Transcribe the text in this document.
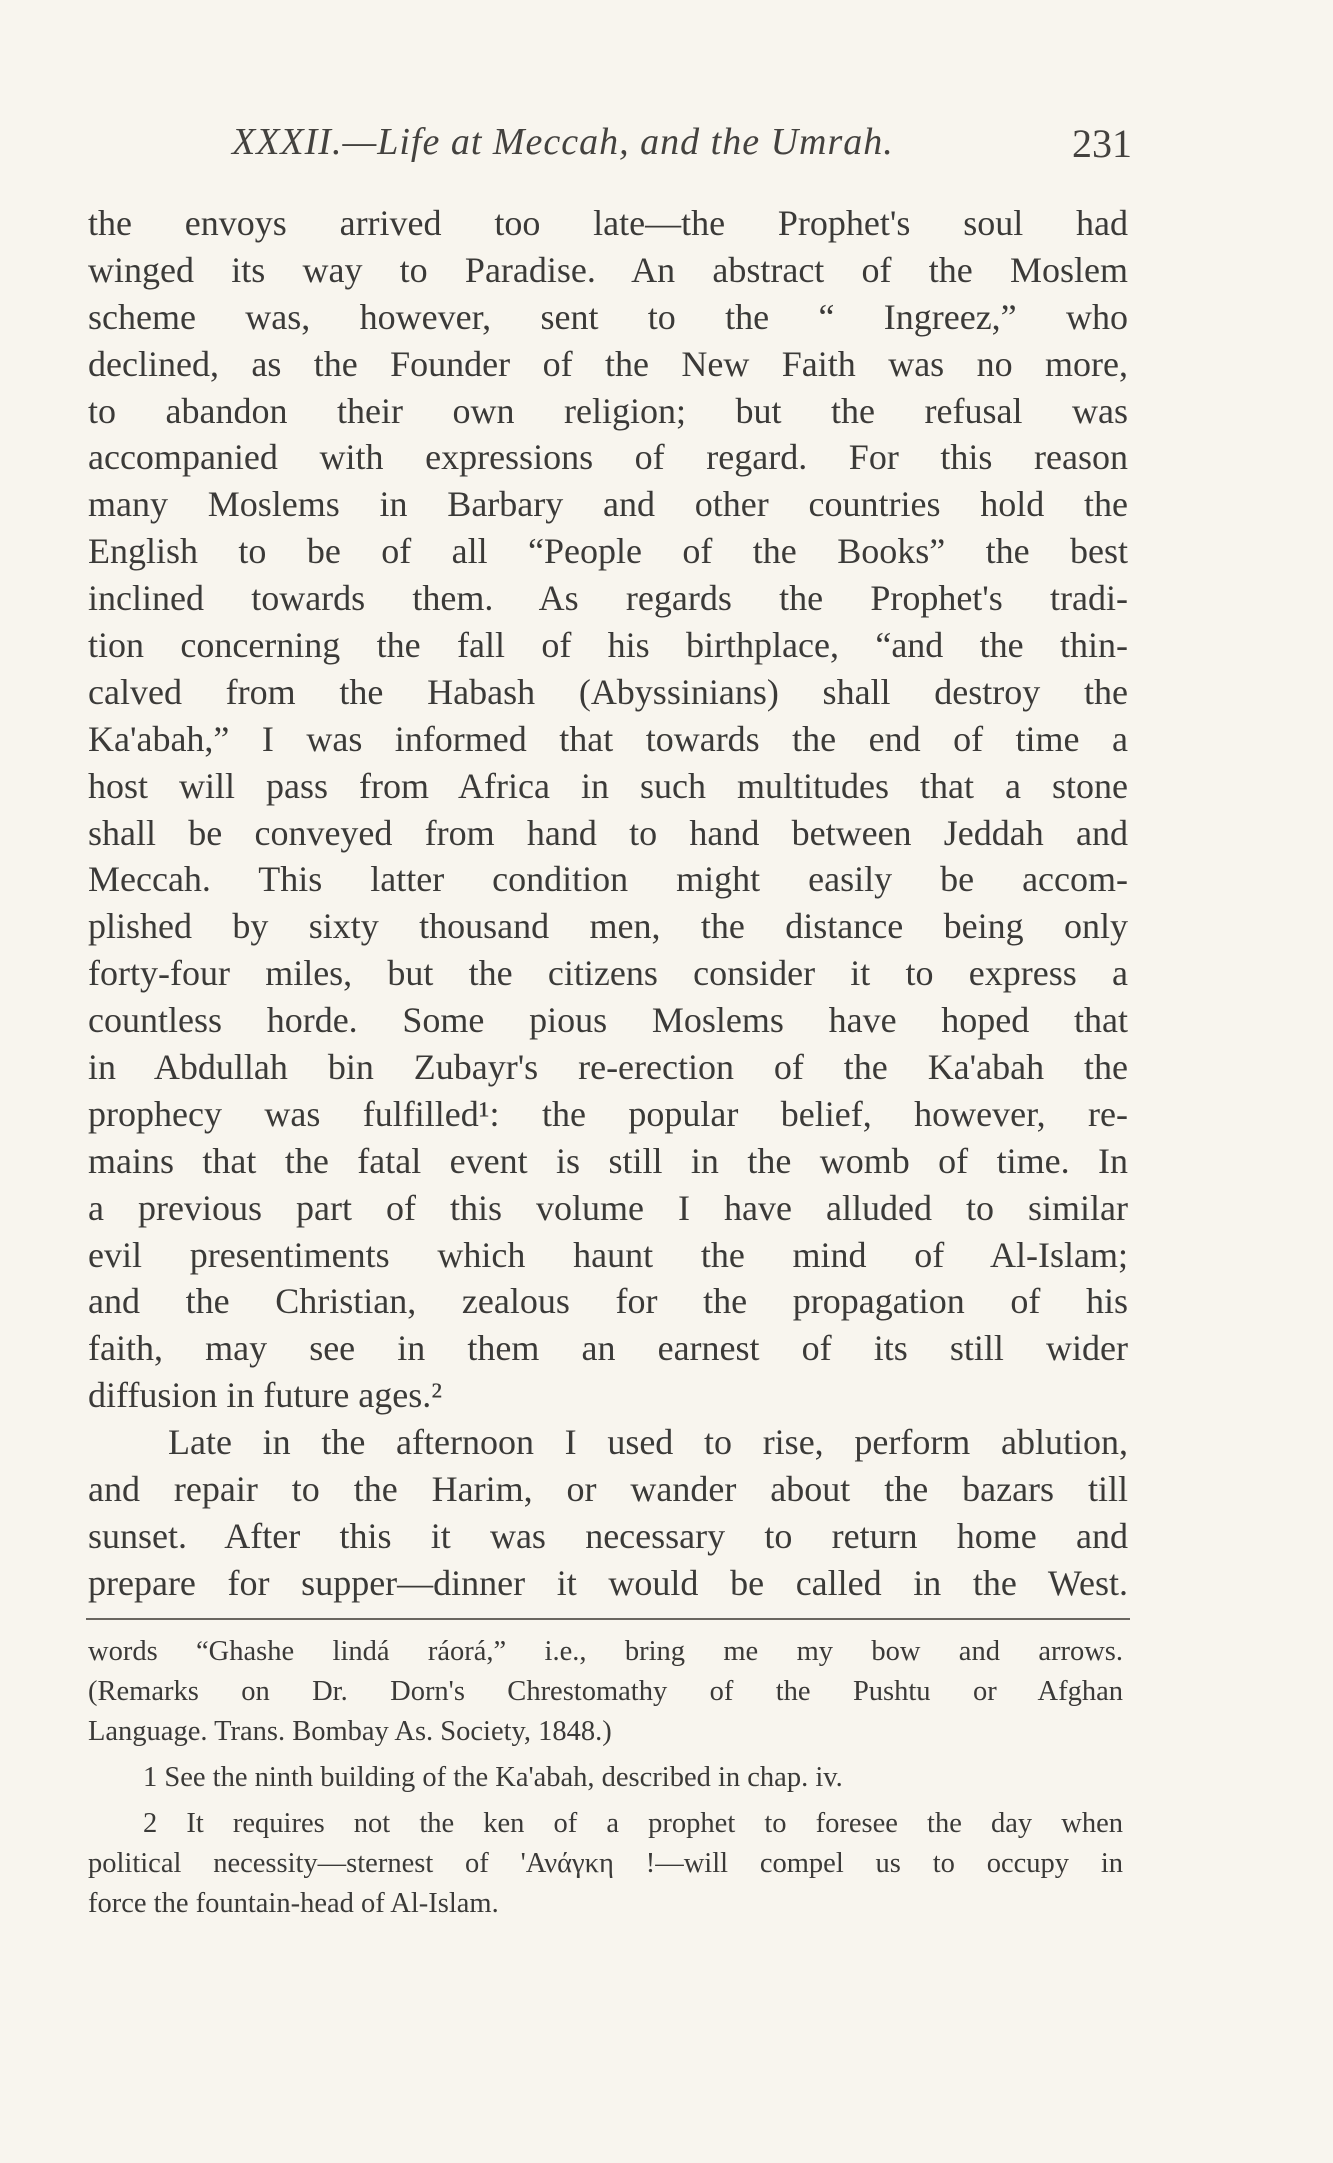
XXXII.—Life at Meccah, and the Umrah.	231
the envoys arrived too late—the Prophet's soul had
winged its way to Paradise. An abstract of the Moslem
scheme was, however, sent to the “ Ingreez,” who
declined, as the Founder of the New Faith was no more,
to abandon their own religion; but the refusal was
accompanied with expressions of regard. For this reason
many Moslems in Barbary and other countries hold the
English to be of all “People of the Books” the best
inclined towards them. As regards the Prophet's tradi-
tion concerning the fall of his birthplace, “and the thin-
calved from the Habash (Abyssinians) shall destroy the
Ka'abah,” I was informed that towards the end of time a
host will pass from Africa in such multitudes that a stone
shall be conveyed from hand to hand between Jeddah and
Meccah. This latter condition might easily be accom-
plished by sixty thousand men, the distance being only
forty-four miles, but the citizens consider it to express a
countless horde. Some pious Moslems have hoped that
in Abdullah bin Zubayr's re-erection of the Ka'abah the
prophecy was fulfilled¹: the popular belief, however, re-
mains that the fatal event is still in the womb of time. In
a previous part of this volume I have alluded to similar
evil presentiments which haunt the mind of Al-Islam;
and the Christian, zealous for the propagation of his
faith, may see in them an earnest of its still wider
diffusion in future ages.²
Late in the afternoon I used to rise, perform ablution,
and repair to the Harim, or wander about the bazars till
sunset. After this it was necessary to return home and
prepare for supper—dinner it would be called in the West.
words “Ghashe lindá ráorá,” i.e., bring me my bow and arrows.
(Remarks on Dr. Dorn's Chrestomathy of the Pushtu or Afghan
Language. Trans. Bombay As. Society, 1848.)
1 See the ninth building of the Ka'abah, described in chap. iv.
2 It requires not the ken of a prophet to foresee the day when
political necessity—sternest of 'Ανάγκη !—will compel us to occupy in
force the fountain-head of Al-Islam.
